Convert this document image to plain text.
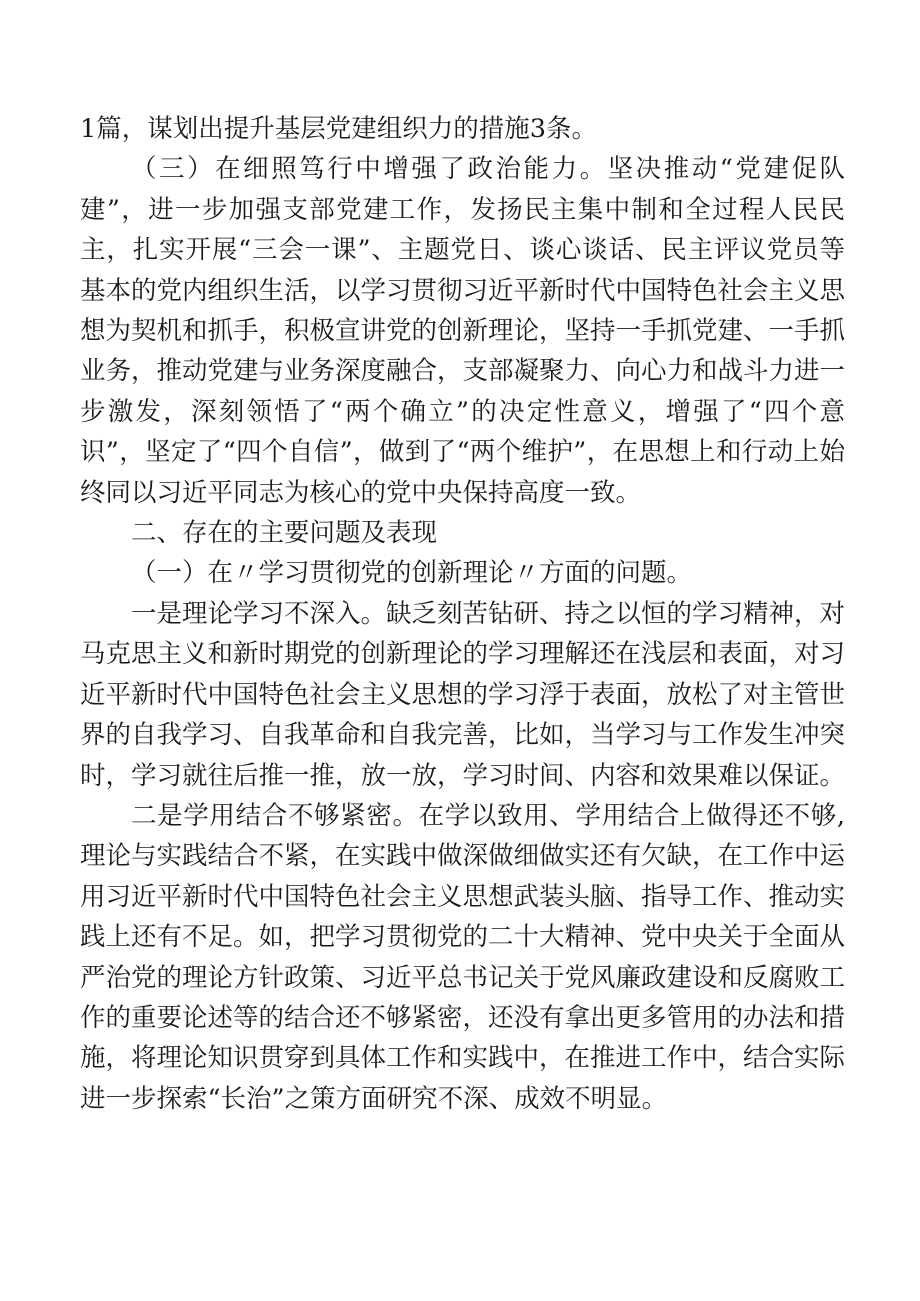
1篇，谋划出提升基层党建组织力的措施3条。

（三）在细照笃行中增强了政治能力。坚决推动“党建促队建”，进一步加强支部党建工作，发扬民主集中制和全过程人民民主，扎实开展“三会一课”、主题党日、谈心谈话、民主评议党员等基本的党内组织生活，以学习贯彻习近平新时代中国特色社会主义思想为契机和抓手，积极宣讲党的创新理论，坚持一手抓党建、一手抓业务，推动党建与业务深度融合，支部凝聚力、向心力和战斗力进一步激发，深刻领悟了“两个确立”的决定性意义，增强了“四个意识”，坚定了“四个自信”，做到了“两个维护”，在思想上和行动上始终同以习近平同志为核心的党中央保持高度一致。

二、存在的主要问题及表现

（一）在〃学习贯彻党的创新理论〃方面的问题。

一是理论学习不深入。缺乏刻苦钻研、持之以恒的学习精神，对马克思主义和新时期党的创新理论的学习理解还在浅层和表面，对习近平新时代中国特色社会主义思想的学习浮于表面，放松了对主管世界的自我学习、自我革命和自我完善，比如，当学习与工作发生冲突时，学习就往后推一推，放一放，学习时间、内容和效果难以保证。

二是学用结合不够紧密。在学以致用、学用结合上做得还不够,理论与实践结合不紧，在实践中做深做细做实还有欠缺，在工作中运用习近平新时代中国特色社会主义思想武装头脑、指导工作、推动实践上还有不足。如，把学习贯彻党的二十大精神、党中央关于全面从严治党的理论方针政策、习近平总书记关于党风廉政建设和反腐败工作的重要论述等的结合还不够紧密，还没有拿出更多管用的办法和措施，将理论知识贯穿到具体工作和实践中，在推进工作中，结合实际进一步探索“长治”之策方面研究不深、成效不明显。
